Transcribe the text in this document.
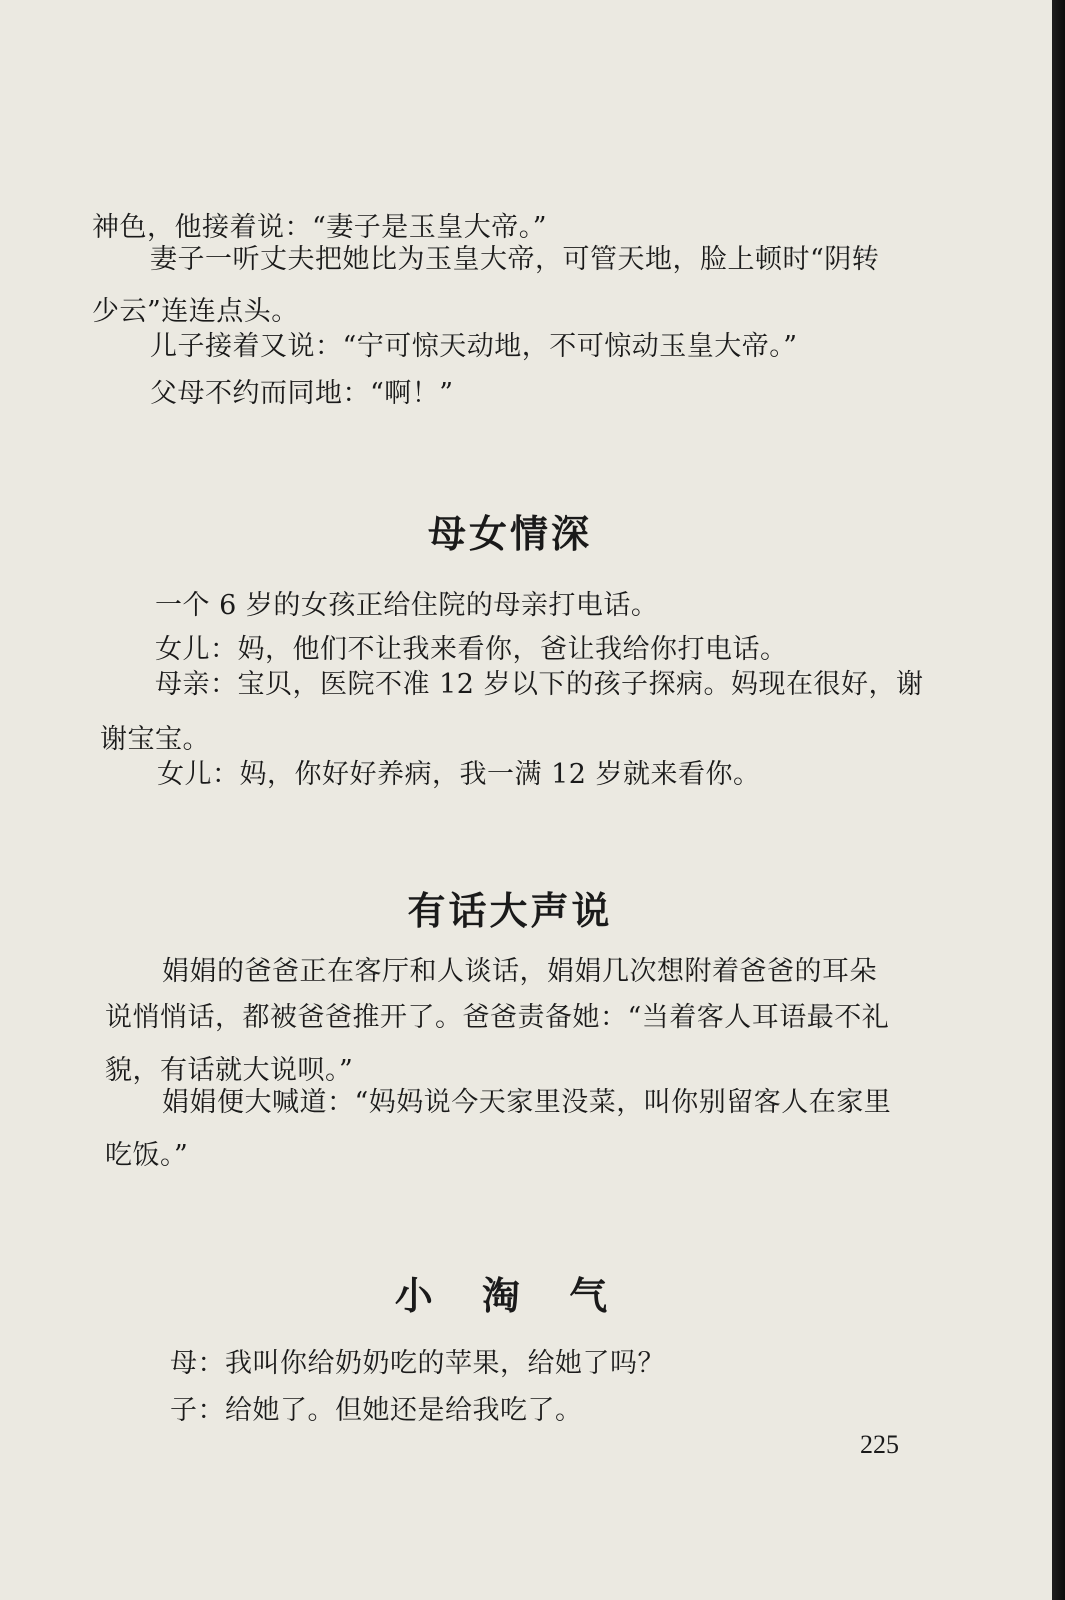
神色，他接着说：“妻子是玉皇大帝。”
妻子一听丈夫把她比为玉皇大帝，可管天地，脸上顿时“阴转
少云”连连点头。
儿子接着又说：“宁可惊天动地，不可惊动玉皇大帝。”
父母不约而同地：“啊！”
母女情深
一个 6 岁的女孩正给住院的母亲打电话。
女儿：妈，他们不让我来看你，爸让我给你打电话。
母亲：宝贝，医院不准 12 岁以下的孩子探病。妈现在很好，谢
谢宝宝。
女儿：妈，你好好养病，我一满 12 岁就来看你。
有话大声说
娟娟的爸爸正在客厅和人谈话，娟娟几次想附着爸爸的耳朵
说悄悄话，都被爸爸推开了。爸爸责备她：“当着客人耳语最不礼
貌，有话就大说呗。”
娟娟便大喊道：“妈妈说今天家里没菜，叫你别留客人在家里
吃饭。”
小 淘 气
母：我叫你给奶奶吃的苹果，给她了吗？
子：给她了。但她还是给我吃了。
225
